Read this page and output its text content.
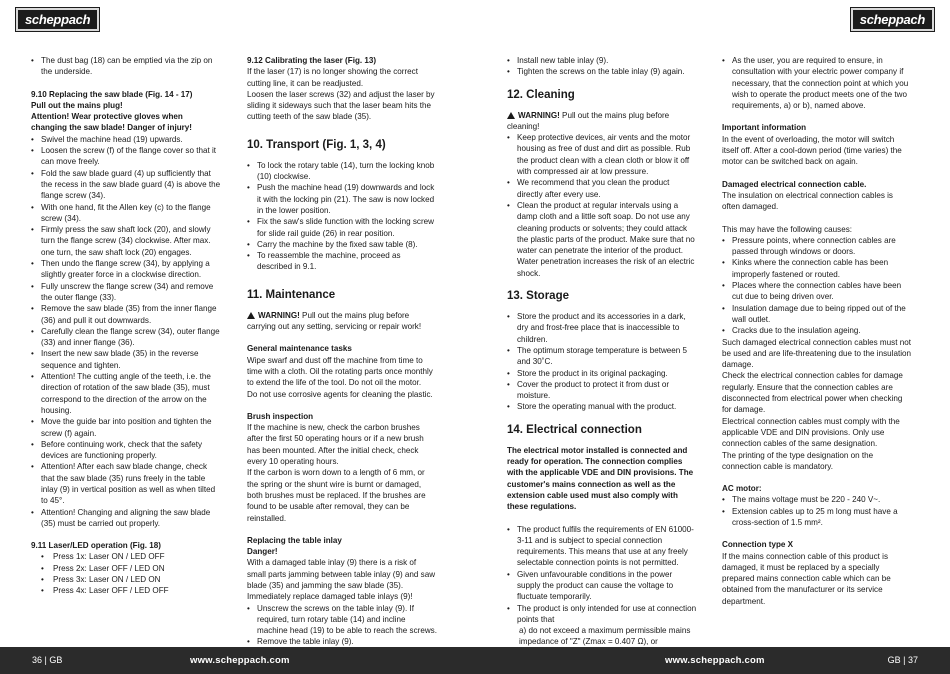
scheppach
• The dust bag (18) can be emptied via the zip on the underside.

9.10 Replacing the saw blade (Fig. 14 - 17)

Pull out the mains plug!

Attention! Wear protective gloves when changing the saw blade! Danger of injury!

• Swivel the machine head (19) upwards.
• Loosen the screw (f) of the flange cover so that it can move freely.
• Fold the saw blade guard (4) up sufficiently that the recess in the saw blade guard (4) is above the flange screw (34).
• With one hand, fit the Allen key (c) to the flange screw (34).
• Firmly press the saw shaft lock (20), and slowly turn the flange screw (34) clockwise. After max. one turn, the saw shaft lock (20) engages.
• Then undo the flange screw (34), by applying a slightly greater force in a clockwise direction.
• Fully unscrew the flange screw (34) and remove the outer flange (33).
• Remove the saw blade (35) from the inner flange (36) and pull it out downwards.
• Carefully clean the flange screw (34), outer flange (33) and inner flange (36).
• Insert the new saw blade (35) in the reverse sequence and tighten.
• Attention! The cutting angle of the teeth, i.e. the direction of rotation of the saw blade (35), must correspond to the direction of the arrow on the housing.
• Move the guide bar into position and tighten the screw (f) again.
• Before continuing work, check that the safety devices are functioning properly.
• Attention! After each saw blade change, check that the saw blade (35) runs freely in the table inlay (9) in vertical position as well as when tilted to 45°.
• Attention! Changing and aligning the saw blade (35) must be carried out properly.

9.11 Laser/LED operation (Fig. 18)

• Press 1x: Laser ON / LED OFF
• Press 2x: Laser OFF / LED ON
• Press 3x: Laser ON / LED ON
• Press 4x: Laser OFF / LED OFF

9.12 Calibrating the laser (Fig. 13)

If the laser (17) is no longer showing the correct cutting line, it can be readjusted.

Loosen the laser screws (32) and adjust the laser by sliding it sideways such that the laser beam hits the cutting teeth of the saw blade (35).

10. Transport (Fig. 1, 3, 4)

• To lock the rotary table (14), turn the locking knob (10) clockwise.
• Push the machine head (19) downwards and lock it with the locking pin (21). The saw is now locked in the lower position.
• Fix the saw's slide function with the locking screw for slide rail guide (26) in rear position.
• Carry the machine by the fixed saw table (8).
• To reassemble the machine, proceed as described in 9.1.

11. Maintenance

WARNING! Pull out the mains plug before carrying out any setting, servicing or repair work!

General maintenance tasks

Wipe swarf and dust off the machine from time to time with a cloth. Oil the rotating parts once monthly to extend the life of the tool. Do not oil the motor.

Do not use corrosive agents for cleaning the plastic.

Brush inspection

If the machine is new, check the carbon brushes after the first 50 operating hours or if a new brush has been mounted. After the initial check, check every 10 operating hours.

If the carbon is worn down to a length of 6 mm, or the spring or the shunt wire is burnt or damaged, both brushes must be replaced. If the brushes are found to be usable after removal, they can be reinstalled.

Replacing the table inlay

Danger!

With a damaged table inlay (9) there is a risk of small parts jamming between table inlay (9) and saw blade (35) and jamming the saw blade (35).

Immediately replace damaged table inlays (9)!

• Unscrew the screws on the table inlay (9). If required, turn rotary table (14) and incline machine head (19) to be able to reach the screws.
• Remove the table inlay (9).
36 | GB	www.scheppach.com
scheppach
• Install new table inlay (9).
• Tighten the screws on the table inlay (9) again.

12. Cleaning

WARNING! Pull out the mains plug before cleaning!

• Keep protective devices, air vents and the motor housing as free of dust and dirt as possible. Rub the product clean with a clean cloth or blow it off with compressed air at low pressure.
• We recommend that you clean the product directly after every use.
• Clean the product at regular intervals using a damp cloth and a little soft soap. Do not use any cleaning products or solvents; they could attack the plastic parts of the product. Make sure that no water can penetrate the interior of the product. Water penetration increases the risk of an electric shock.

13. Storage

• Store the product and its accessories in a dark, dry and frost-free place that is inaccessible to children.
• The optimum storage temperature is between 5 and 30˚C.
• Store the product in its original packaging.
• Cover the product to protect it from dust or moisture.
• Store the operating manual with the product.

14. Electrical connection

The electrical motor installed is connected and ready for operation. The connection complies with the applicable VDE and DIN provisions. The customer's mains connection as well as the extension cable used must also comply with these regulations.

• The product fulfils the requirements of EN 61000-3-11 and is subject to special connection requirements. This means that use at any freely selectable connection points is not permitted.
• Given unfavourable conditions in the power supply the product can cause the voltage to fluctuate temporarily.
• The product is only intended for use at connection points that
a) do not exceed a maximum permissible mains impedance of "Z" (Zmax = 0.407 Ω), or
• As the user, you are required to ensure, in consultation with your electric power company if necessary, that the connection point at which you wish to operate the product meets one of the two requirements, a) or b), named above.

Important information

In the event of overloading, the motor will switch itself off. After a cool-down period (time varies) the motor can be switched back on again.

Damaged electrical connection cable.

The insulation on electrical connection cables is often damaged.

This may have the following causes:

• Pressure points, where connection cables are passed through windows or doors.
• Kinks where the connection cable has been improperly fastened or routed.
• Places where the connection cables have been cut due to being driven over.
• Insulation damage due to being ripped out of the wall outlet.
• Cracks due to the insulation ageing.

Such damaged electrical connection cables must not be used and are life-threatening due to the insulation damage.

Check the electrical connection cables for damage regularly. Ensure that the connection cables are disconnected from electrical power when checking for damage.

Electrical connection cables must comply with the applicable VDE and DIN provisions. Only use connection cables of the same designation.

The printing of the type designation on the connection cable is mandatory.

AC motor:

• The mains voltage must be 220 - 240 V~.
• Extension cables up to 25 m long must have a cross-section of 1.5 mm².

Connection type X

If the mains connection cable of this product is damaged, it must be replaced by a specially prepared mains connection cable which can be obtained from the manufacturer or its service department.

www.scheppach.com	GB | 37
